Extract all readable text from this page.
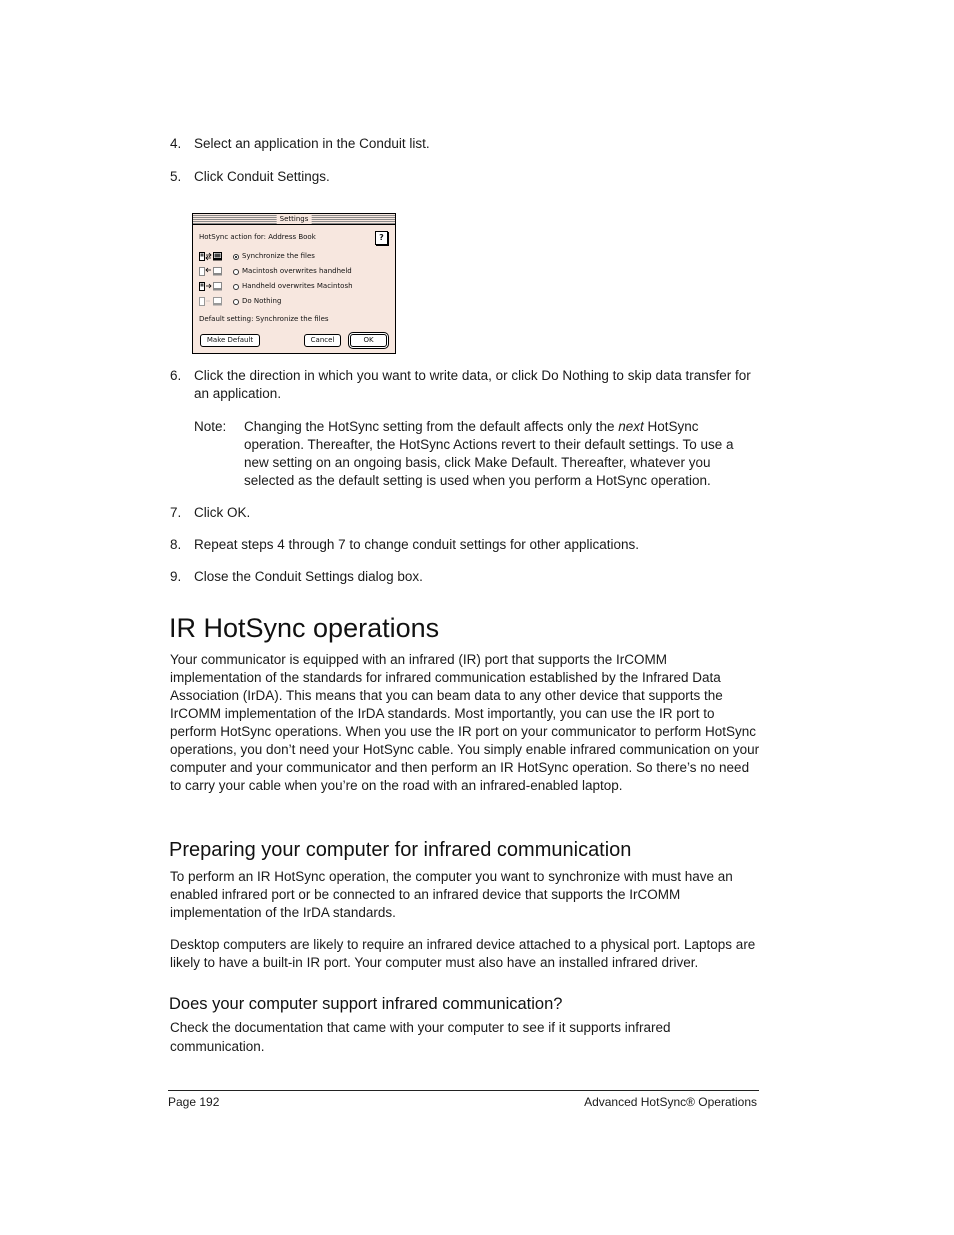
4. Select an application in the Conduit list.
5. Click Conduit Settings.
Settings
HotSync action for: Address Book	?
Synchronize the files
Macintosh overwrites handheld
Handheld overwrites Macintosh
Do Nothing
Default setting: Synchronize the files
Make Default	Cancel	OK
6. Click the direction in which you want to write data, or click Do Nothing to skip data transfer for an application.
Note: Changing the HotSync setting from the default affects only the next HotSync operation. Thereafter, the HotSync Actions revert to their default settings. To use a new setting on an ongoing basis, click Make Default. Thereafter, whatever you selected as the default setting is used when you perform a HotSync operation.
7. Click OK.
8. Repeat steps 4 through 7 to change conduit settings for other applications.
9. Close the Conduit Settings dialog box.
IR HotSync operations
Your communicator is equipped with an infrared (IR) port that supports the IrCOMM implementation of the standards for infrared communication established by the Infrared Data Association (IrDA). This means that you can beam data to any other device that supports the IrCOMM implementation of the IrDA standards. Most importantly, you can use the IR port to perform HotSync operations. When you use the IR port on your communicator to perform HotSync operations, you don’t need your HotSync cable. You simply enable infrared communication on your computer and your communicator and then perform an IR HotSync operation. So there’s no need to carry your cable when you’re on the road with an infrared-enabled laptop.
Preparing your computer for infrared communication
To perform an IR HotSync operation, the computer you want to synchronize with must have an enabled infrared port or be connected to an infrared device that supports the IrCOMM implementation of the IrDA standards.
Desktop computers are likely to require an infrared device attached to a physical port. Laptops are likely to have a built-in IR port. Your computer must also have an installed infrared driver.
Does your computer support infrared communication?
Check the documentation that came with your computer to see if it supports infrared communication.
Page 192	Advanced HotSync® Operations
